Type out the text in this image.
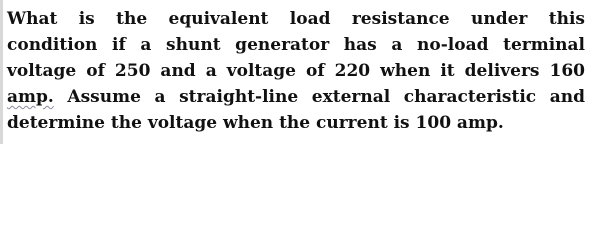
What is the equivalent load resistance under this
condition if a shunt generator has a no-load terminal
voltage of 250 and a voltage of 220 when it delivers 160
amp. Assume a straight-line external characteristic and
determine the voltage when the current is 100 amp.
